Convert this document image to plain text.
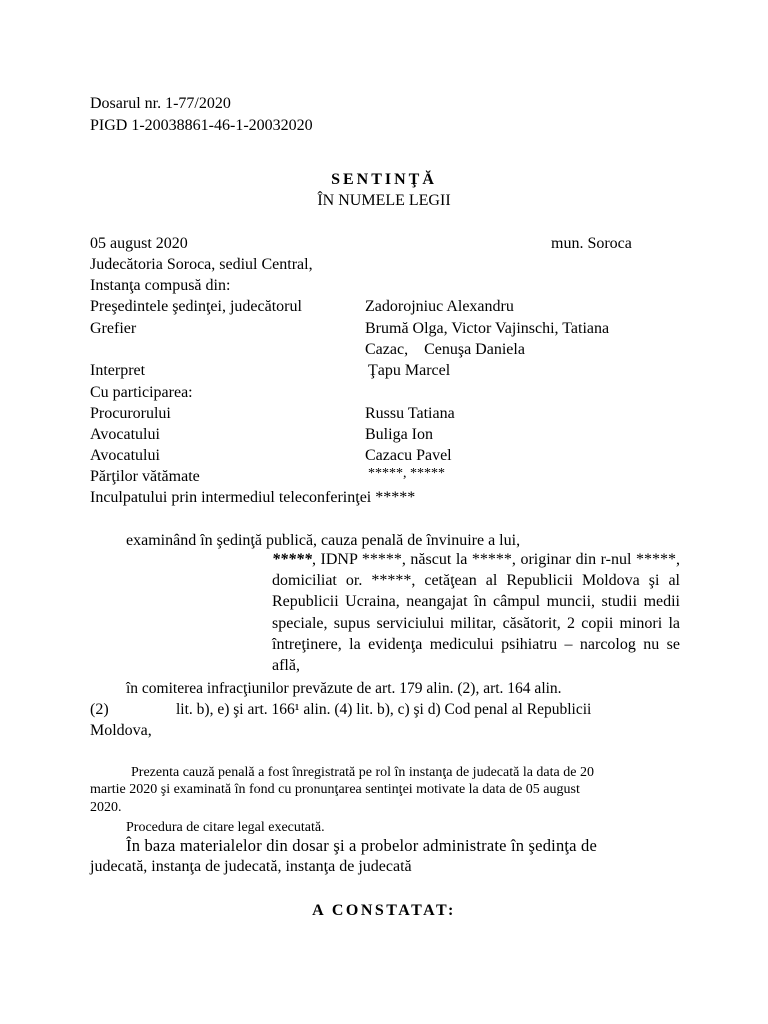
Dosarul nr. 1-77/2020
PIGD 1-20038861-46-1-20032020
SENTINŢĂ
ÎN NUMELE LEGII
05 august 2020	mun. Soroca
Judecătoria Soroca, sediul Central,
Instanţa compusă din:
Preşedintele şedinţei, judecătorul	Zadorojniuc Alexandru
Grefier	Brumă Olga, Victor Vajinschi, Tatiana
Cazac,    Cenuşa Daniela
Interpret	Ţapu Marcel
Cu participarea:
Procurorului	Russu Tatiana
Avocatului	Buliga Ion
Avocatului	Cazacu Pavel
Părţilor vătămate	*****, *****
Inculpatului prin intermediul teleconferinţei *****
examinând în şedinţă publică, cauza penală de învinuire a lui,
*****, IDNP *****, născut la *****, originar din r-nul *****, domiciliat or. *****, cetăţean al Republicii Moldova şi al Republicii Ucraina, neangajat în câmpul muncii, studii medii speciale, supus serviciului militar, căsătorit, 2 copii minori la întreţinere, la evidenţa medicului psihiatru – narcolog nu se află,
în comiterea infracţiunilor prevăzute de art. 179 alin. (2), art. 164 alin.
(2)	lit. b), e) şi art. 166¹ alin. (4) lit. b), c) şi d) Cod penal al Republicii
Moldova,
Prezenta cauză penală a fost înregistrată pe rol în instanţa de judecată la data de 20
martie 2020 şi examinată în fond cu pronunţarea sentinţei motivate la data de 05 august
2020.
Procedura de citare legal executată.
În baza materialelor din dosar şi a probelor administrate în şedinţa de
judecată, instanţa de judecată, instanţa de judecată
A CONSTATAT:
